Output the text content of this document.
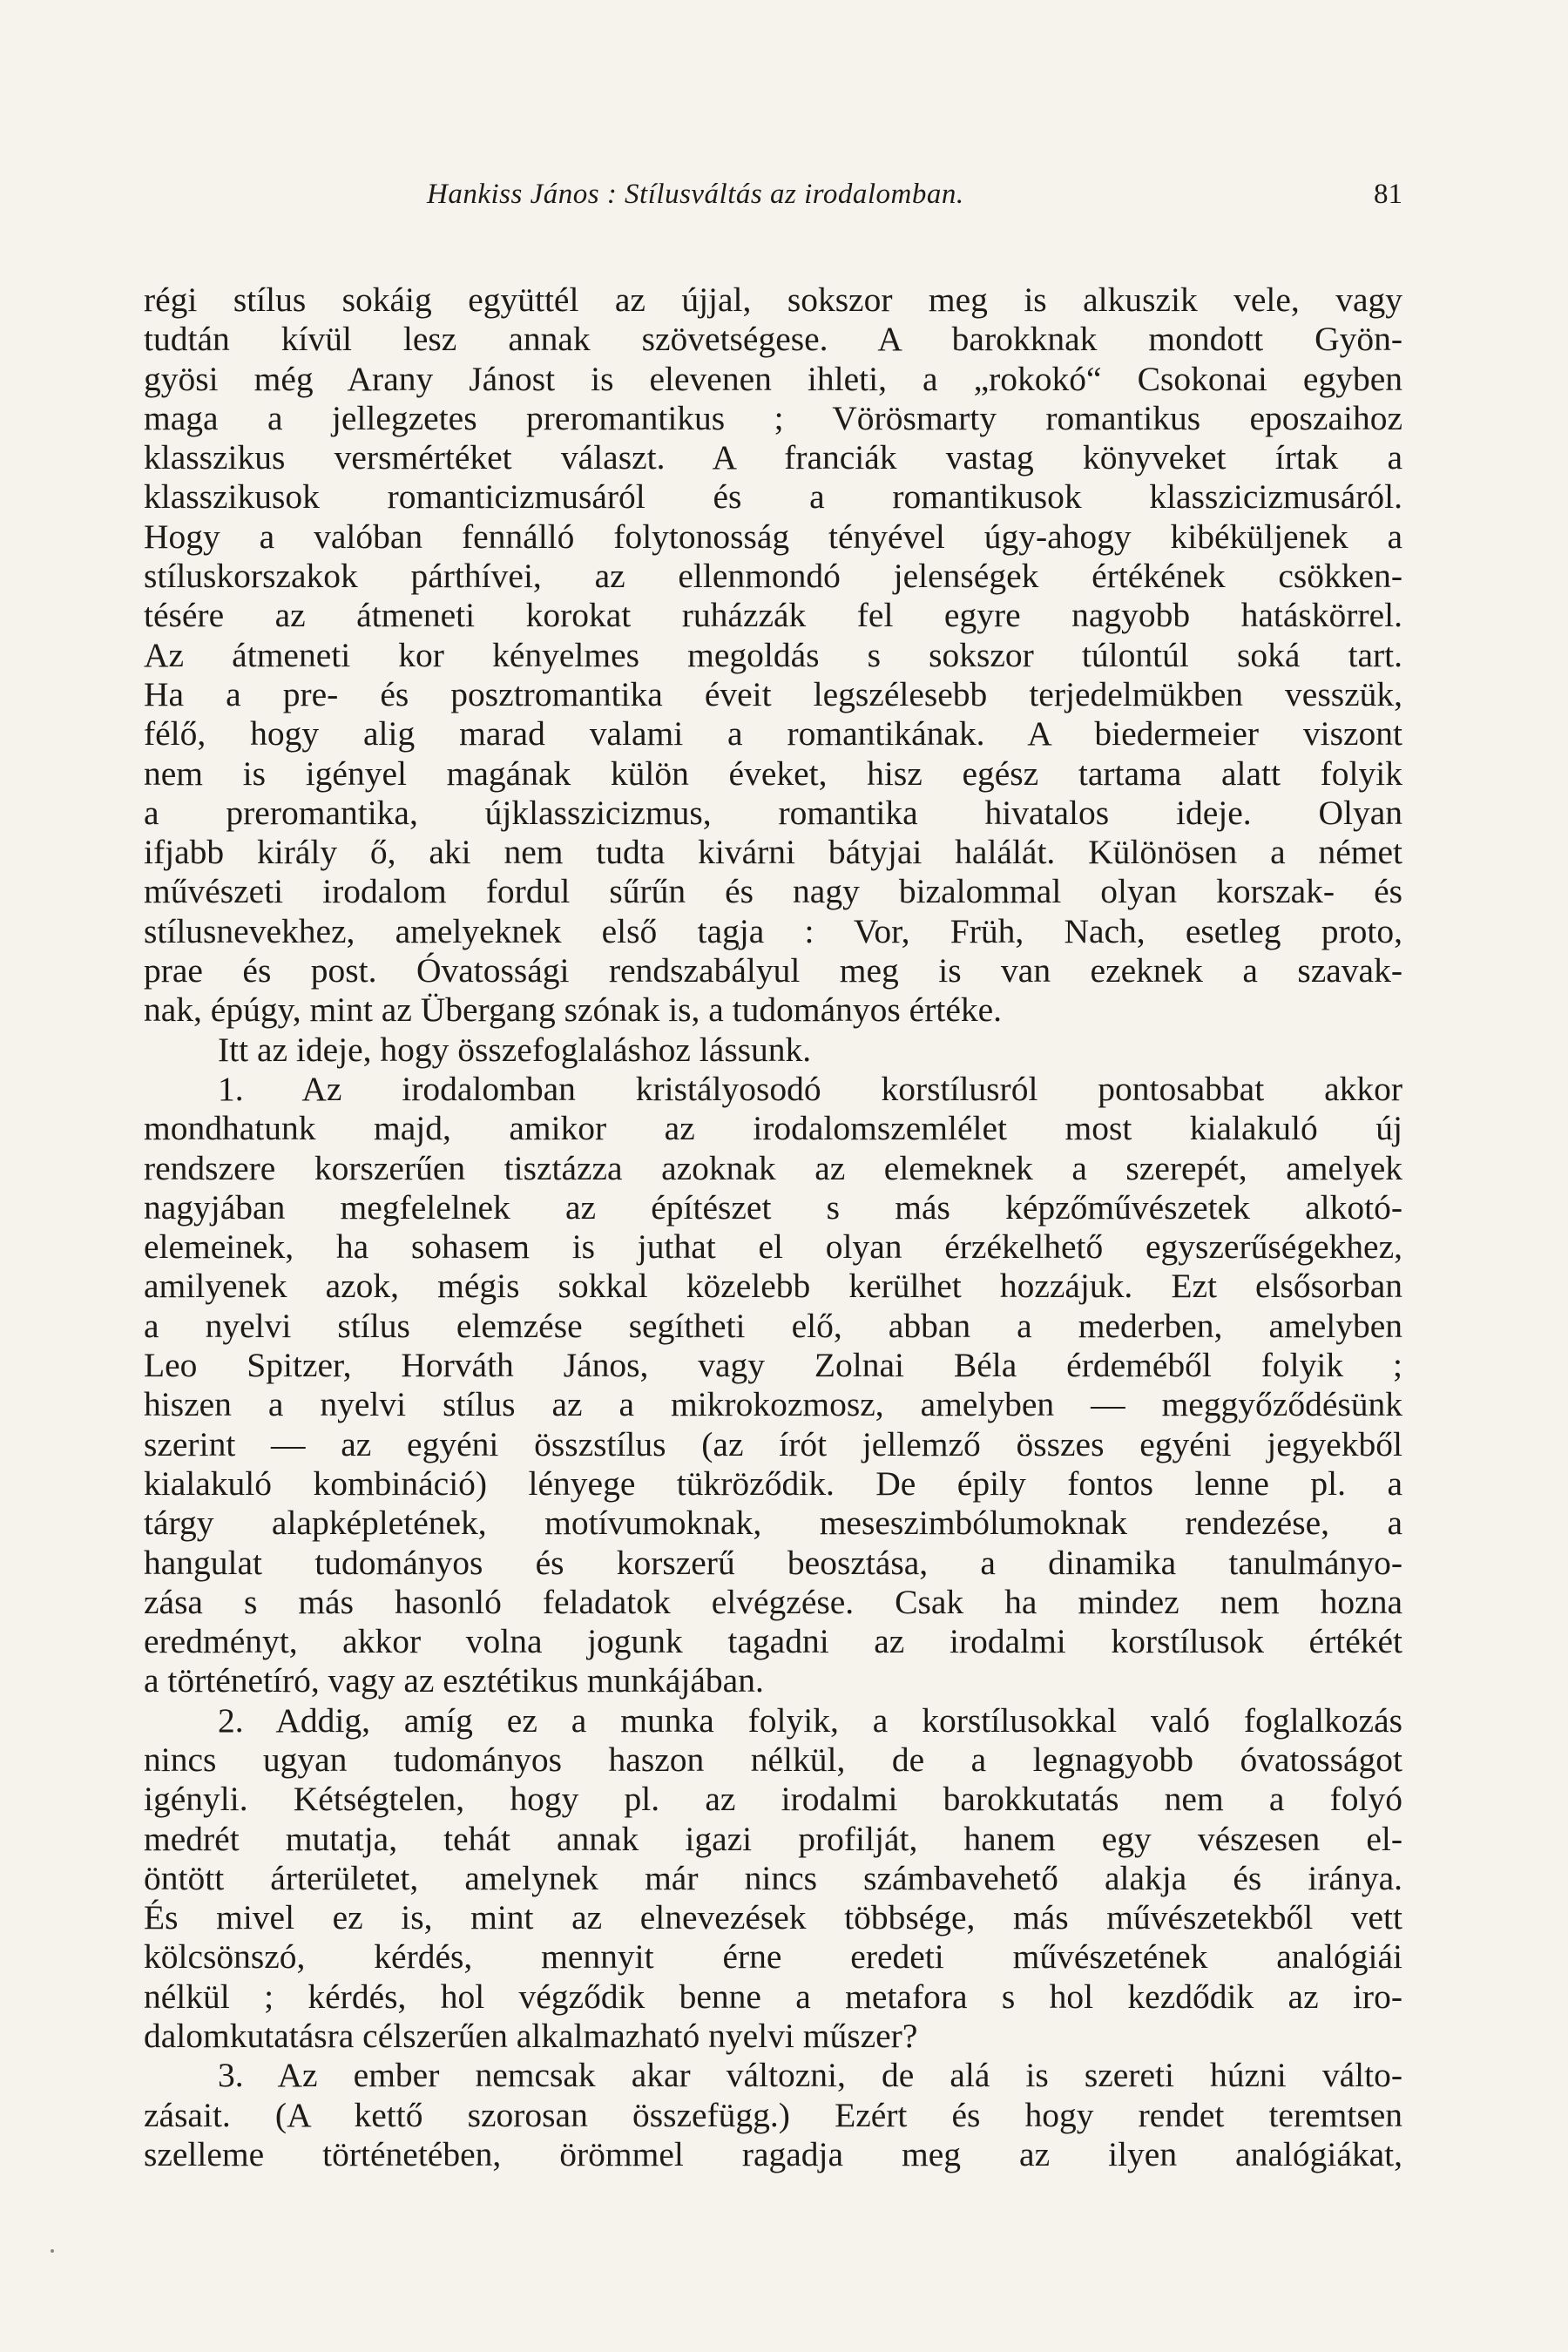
Hankiss János : Stílusváltás az irodalomban.	81
régi stílus sokáig együttél az újjal, sokszor meg is alkuszik vele, vagy
tudtán kívül lesz annak szövetségese. A barokknak mondott Gyön-
gyösi még Arany Jánost is elevenen ihleti, a „rokokó“ Csokonai egyben
maga a jellegzetes preromantikus ; Vörösmarty romantikus eposzaihoz
klasszikus versmértéket választ. A franciák vastag könyveket írtak a
klasszikusok romanticizmusáról és a romantikusok klasszicizmusáról.
Hogy a valóban fennálló folytonosság tényével úgy-ahogy kibéküljenek a
stíluskorszakok párthívei, az ellenmondó jelenségek értékének csökken-
tésére az átmeneti korokat ruházzák fel egyre nagyobb hatáskörrel.
Az átmeneti kor kényelmes megoldás s sokszor túlontúl soká tart.
Ha a pre- és posztromantika éveit legszélesebb terjedelmükben vesszük,
félő, hogy alig marad valami a romantikának. A biedermeier viszont
nem is igényel magának külön éveket, hisz egész tartama alatt folyik
a preromantika, újklasszicizmus, romantika hivatalos ideje. Olyan
ifjabb király ő, aki nem tudta kivárni bátyjai halálát. Különösen a német
művészeti irodalom fordul sűrűn és nagy bizalommal olyan korszak- és
stílusnevekhez, amelyeknek első tagja : Vor, Früh, Nach, esetleg proto,
prae és post. Óvatossági rendszabályul meg is van ezeknek a szavak-
nak, épúgy, mint az Übergang szónak is, a tudományos értéke.
Itt az ideje, hogy összefoglaláshoz lássunk.
1. Az irodalomban kristályosodó korstílusról pontosabbat akkor
mondhatunk majd, amikor az irodalomszemlélet most kialakuló új
rendszere korszerűen tisztázza azoknak az elemeknek a szerepét, amelyek
nagyjában megfelelnek az építészet s más képzőművészetek alkotó-
elemeinek, ha sohasem is juthat el olyan érzékelhető egyszerűségekhez,
amilyenek azok, mégis sokkal közelebb kerülhet hozzájuk. Ezt elsősorban
a nyelvi stílus elemzése segítheti elő, abban a mederben, amelyben
Leo Spitzer, Horváth János, vagy Zolnai Béla érdeméből folyik ;
hiszen a nyelvi stílus az a mikrokozmosz, amelyben — meggyőződésünk
szerint — az egyéni összstílus (az írót jellemző összes egyéni jegyekből
kialakuló kombináció) lényege tükröződik. De épily fontos lenne pl. a
tárgy alapképletének, motívumoknak, meseszimbólumoknak rendezése, a
hangulat tudományos és korszerű beosztása, a dinamika tanulmányo-
zása s más hasonló feladatok elvégzése. Csak ha mindez nem hozna
eredményt, akkor volna jogunk tagadni az irodalmi korstílusok értékét
a történetíró, vagy az esztétikus munkájában.
2. Addig, amíg ez a munka folyik, a korstílusokkal való foglalkozás
nincs ugyan tudományos haszon nélkül, de a legnagyobb óvatosságot
igényli. Kétségtelen, hogy pl. az irodalmi barokkutatás nem a folyó
medrét mutatja, tehát annak igazi profilját, hanem egy vészesen el-
öntött árterületet, amelynek már nincs számbavehető alakja és iránya.
És mivel ez is, mint az elnevezések többsége, más művészetekből vett
kölcsönszó, kérdés, mennyit érne eredeti művészetének analógiái
nélkül ; kérdés, hol végződik benne a metafora s hol kezdődik az iro-
dalomkutatásra célszerűen alkalmazható nyelvi műszer?
3. Az ember nemcsak akar változni, de alá is szereti húzni válto-
zásait. (A kettő szorosan összefügg.) Ezért és hogy rendet teremtsen
szelleme történetében, örömmel ragadja meg az ilyen analógiákat,
